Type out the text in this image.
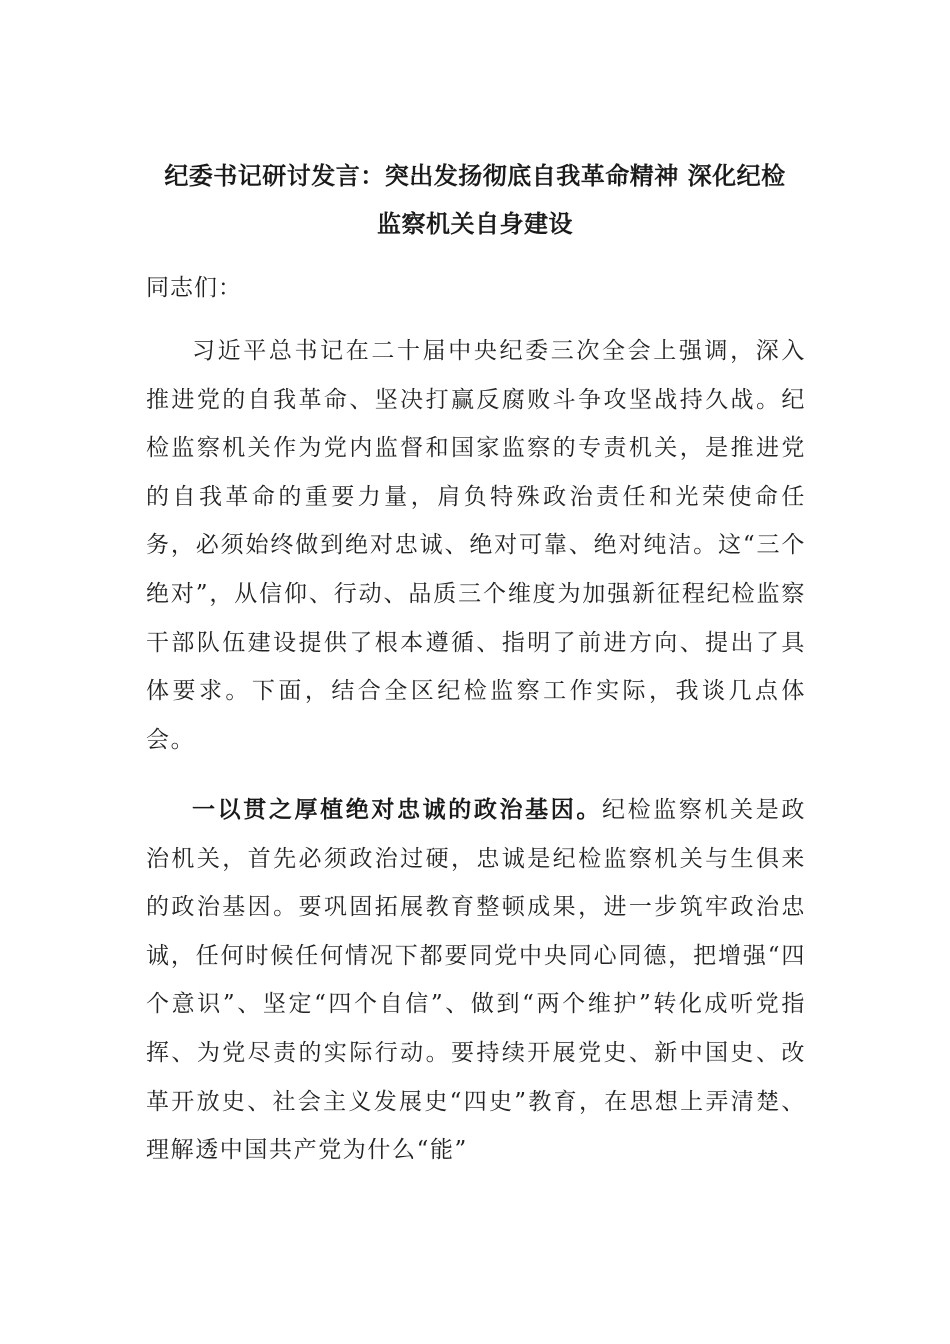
纪委书记研讨发言：突出发扬彻底自我革命精神 深化纪检
监察机关自身建设
同志们：

习近平总书记在二十届中央纪委三次全会上强调，深入推进党的自我革命、坚决打赢反腐败斗争攻坚战持久战。纪检监察机关作为党内监督和国家监察的专责机关，是推进党的自我革命的重要力量，肩负特殊政治责任和光荣使命任务，必须始终做到绝对忠诚、绝对可靠、绝对纯洁。这“三个绝对”，从信仰、行动、品质三个维度为加强新征程纪检监察干部队伍建设提供了根本遵循、指明了前进方向、提出了具体要求。下面，结合全区纪检监察工作实际，我谈几点体会。

一以贯之厚植绝对忠诚的政治基因。纪检监察机关是政治机关，首先必须政治过硬，忠诚是纪检监察机关与生俱来的政治基因。要巩固拓展教育整顿成果，进一步筑牢政治忠诚，任何时候任何情况下都要同党中央同心同德，把增强“四个意识”、坚定“四个自信”、做到“两个维护”转化成听党指挥、为党尽责的实际行动。要持续开展党史、新中国史、改革开放史、社会主义发展史“四史”教育，在思想上弄清楚、理解透中国共产党为什么“能”
